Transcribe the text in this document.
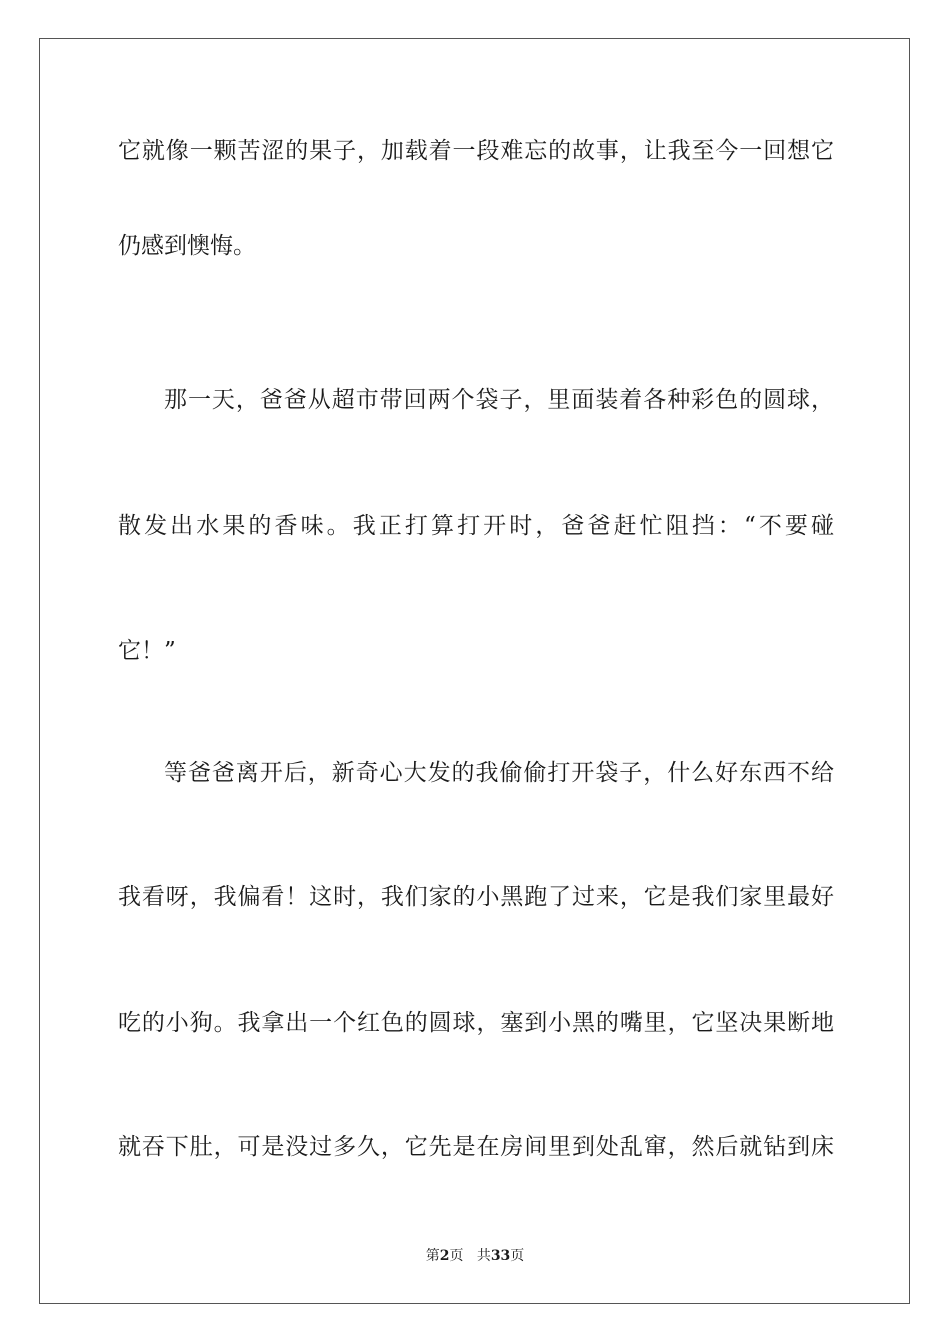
它就像一颗苦涩的果子，加载着一段难忘的故事，让我至今一回想它
仍感到懊悔。
那一天，爸爸从超市带回两个袋子，里面装着各种彩色的圆球，
散发出水果的香味。我正打算打开时，爸爸赶忙阻挡：“不要碰
它！”
等爸爸离开后，新奇心大发的我偷偷打开袋子，什么好东西不给
我看呀，我偏看！这时，我们家的小黑跑了过来，它是我们家里最好
吃的小狗。我拿出一个红色的圆球，塞到小黑的嘴里，它坚决果断地
就吞下肚，可是没过多久，它先是在房间里到处乱窜，然后就钻到床
第2页 共33页
